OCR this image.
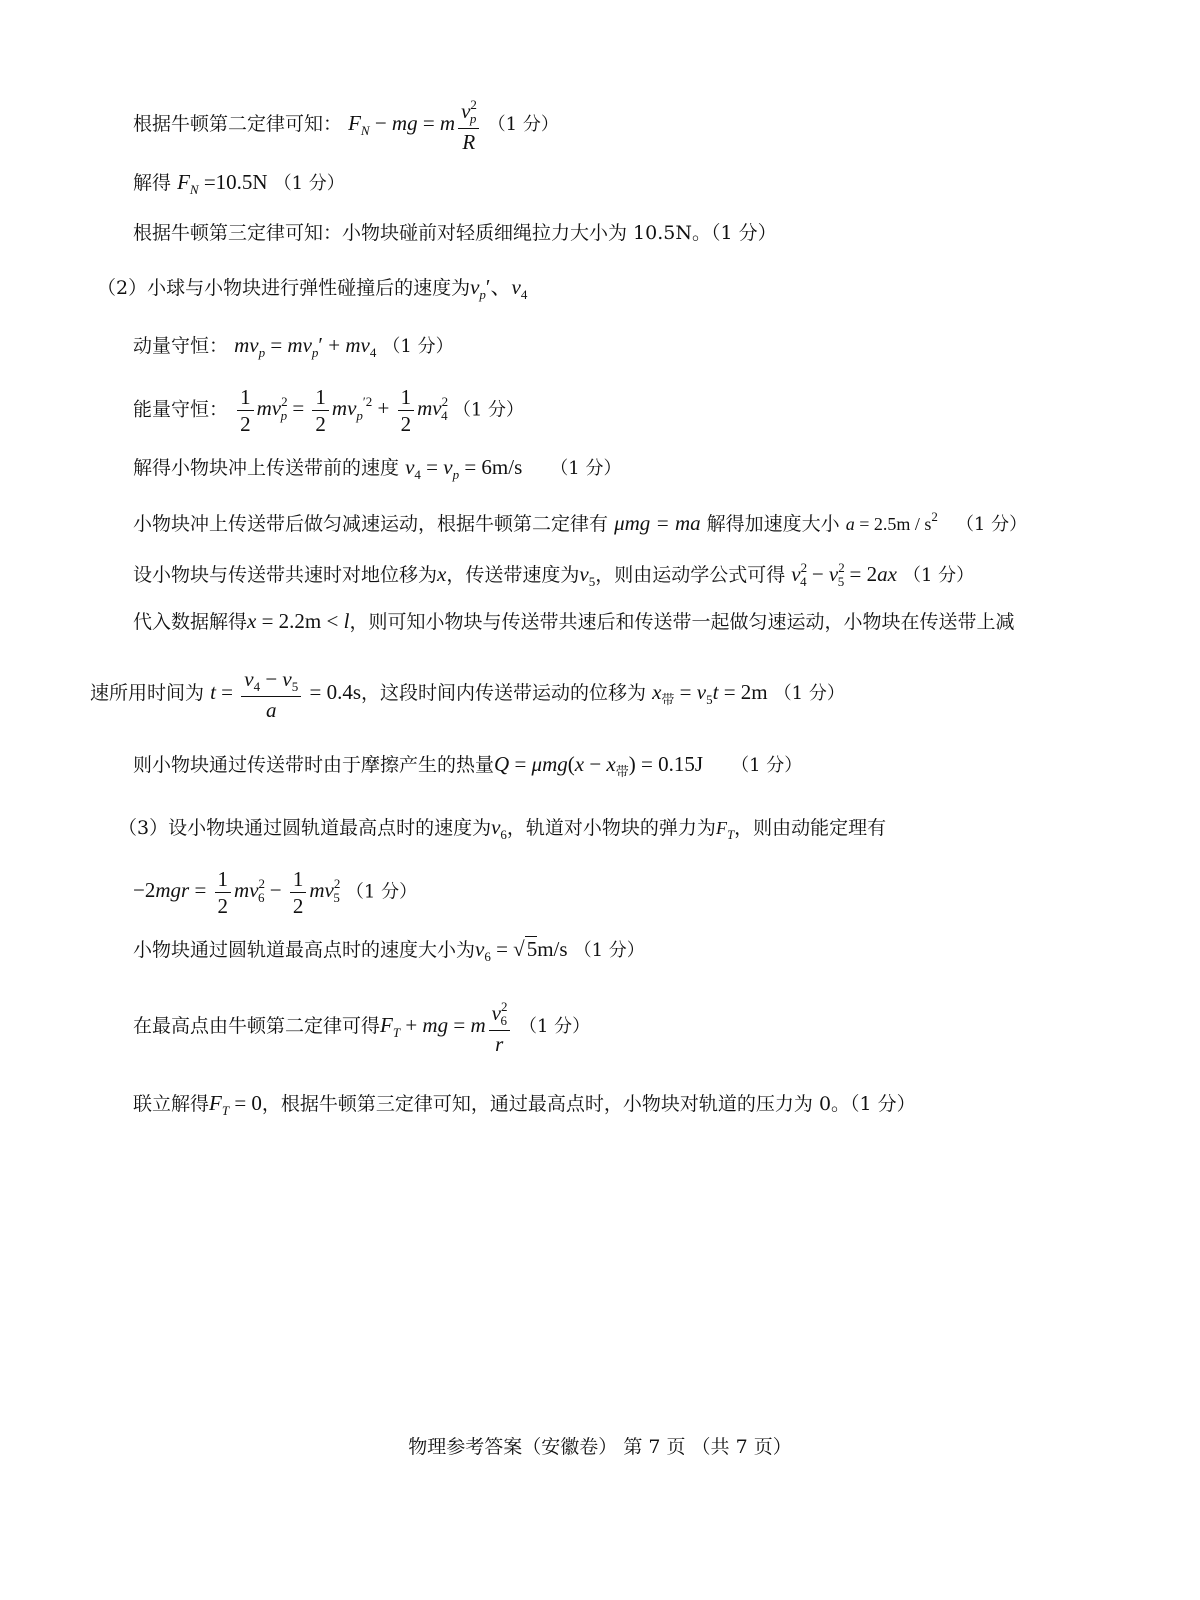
根据牛顿第二定律可知： $F_N$ − mg = m $\frac{v^2_p}{R} (1$ 分）
解得 $F_N =10.5N$ （1 分）
根据牛顿第三定律可知：小物块碰前对轻质细绳拉力大小为 10.5N。（1 分）
（2）小球与小物块进行弹性碰撞后的速度为$v_p'$、$v_4$
动量守恒： $mv_p = mv_p' + mv_4$ （1 分）
能量守恒： $\frac{1}{2} mv^2_p = \frac{1}{2} mv_p^{'2} + \frac{1}{2} mv^2_4$ （1 分）
解得小物块冲上传送带前的速度 $v_4 = v_p = 6m/s$ （1 分）
小物块冲上传送带后做匀减速运动，根据牛顿第二定律有 μmg = ma 解得加速度大小 $a = 2.5m / s^2$ （1 分）
设小物块与传送带共速时对地位移为x，传送带速度为$v_5$，则由运动学公式可得 $v^2_4 - v^2_5 = 2ax$ （1 分）
代入数据解得x = 2.2m < l，则可知小物块与传送带共速后和传送带一起做匀速运动，小物块在传送带上减
速所用时间为 $t = \frac{v_4 - v_5}{a} = 0.4s$，这段时间内传送带运动的位移为 $x_带 = v_5t = 2m$ （1 分）
则小物块通过传送带时由于摩擦产生的热量$Q = \mu mg(x - x_带) = 0.15J$ （1 分）
（3）设小物块通过圆轨道最高点时的速度为$v_6$，轨道对小物块的弹力为$F_T$，则由动能定理有
$-2mgr = \frac{1}{2} mv^2_6 - \frac{1}{2} mv^2_5$ （1 分）
小物块通过圆轨道最高点时的速度大小为$v_6 = √5m/s$ （1 分）
在最高点由牛顿第二定律可得$F_T$ + mg = m $\frac{v^2_6}{r} (1$ 分）
联立解得$F_T = 0$，根据牛顿第三定律可知，通过最高点时，小物块对轨道的压力为 0。（1 分）
物理参考答案（安徽卷） 第 7 页 （共 7 页）
